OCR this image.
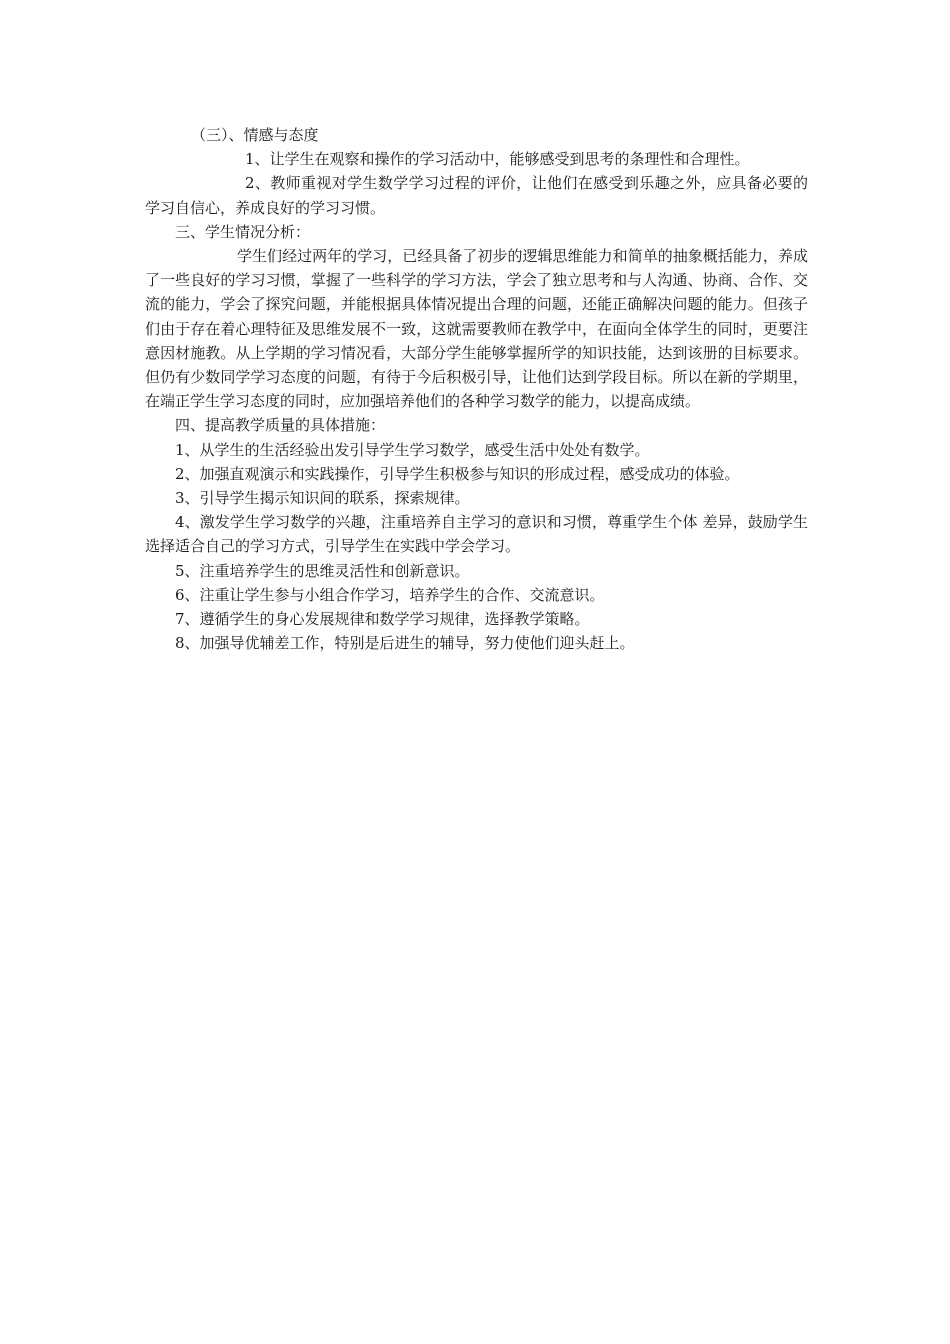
（三）、情感与态度

1、让学生在观察和操作的学习活动中，能够感受到思考的条理性和合理性。

2、教师重视对学生数学学习过程的评价，让他们在感受到乐趣之外，应具备必要的学习自信心，养成良好的学习习惯。

三、学生情况分析：

学生们经过两年的学习，已经具备了初步的逻辑思维能力和简单的抽象概括能力，养成了一些良好的学习习惯，掌握了一些科学的学习方法，学会了独立思考和与人沟通、协商、合作、交流的能力，学会了探究问题，并能根据具体情况提出合理的问题，还能正确解决问题的能力。但孩子们由于存在着心理特征及思维发展不一致，这就需要教师在教学中，在面向全体学生的同时，更要注意因材施教。从上学期的学习情况看，大部分学生能够掌握所学的知识技能，达到该册的目标要求。但仍有少数同学学习态度的问题，有待于今后积极引导，让他们达到学段目标。所以在新的学期里，在端正学生学习态度的同时，应加强培养他们的各种学习数学的能力，以提高成绩。

四、提高教学质量的具体措施：

1、从学生的生活经验出发引导学生学习数学，感受生活中处处有数学。

2、加强直观演示和实践操作，引导学生积极参与知识的形成过程，感受成功的体验。

3、引导学生揭示知识间的联系，探索规律。

4、激发学生学习数学的兴趣，注重培养自主学习的意识和习惯，尊重学生个体 差异，鼓励学生选择适合自己的学习方式，引导学生在实践中学会学习。

5、注重培养学生的思维灵活性和创新意识。

6、注重让学生参与小组合作学习，培养学生的合作、交流意识。

7、遵循学生的身心发展规律和数学学习规律，选择教学策略。

8、加强导优辅差工作，特别是后进生的辅导，努力使他们迎头赶上。
